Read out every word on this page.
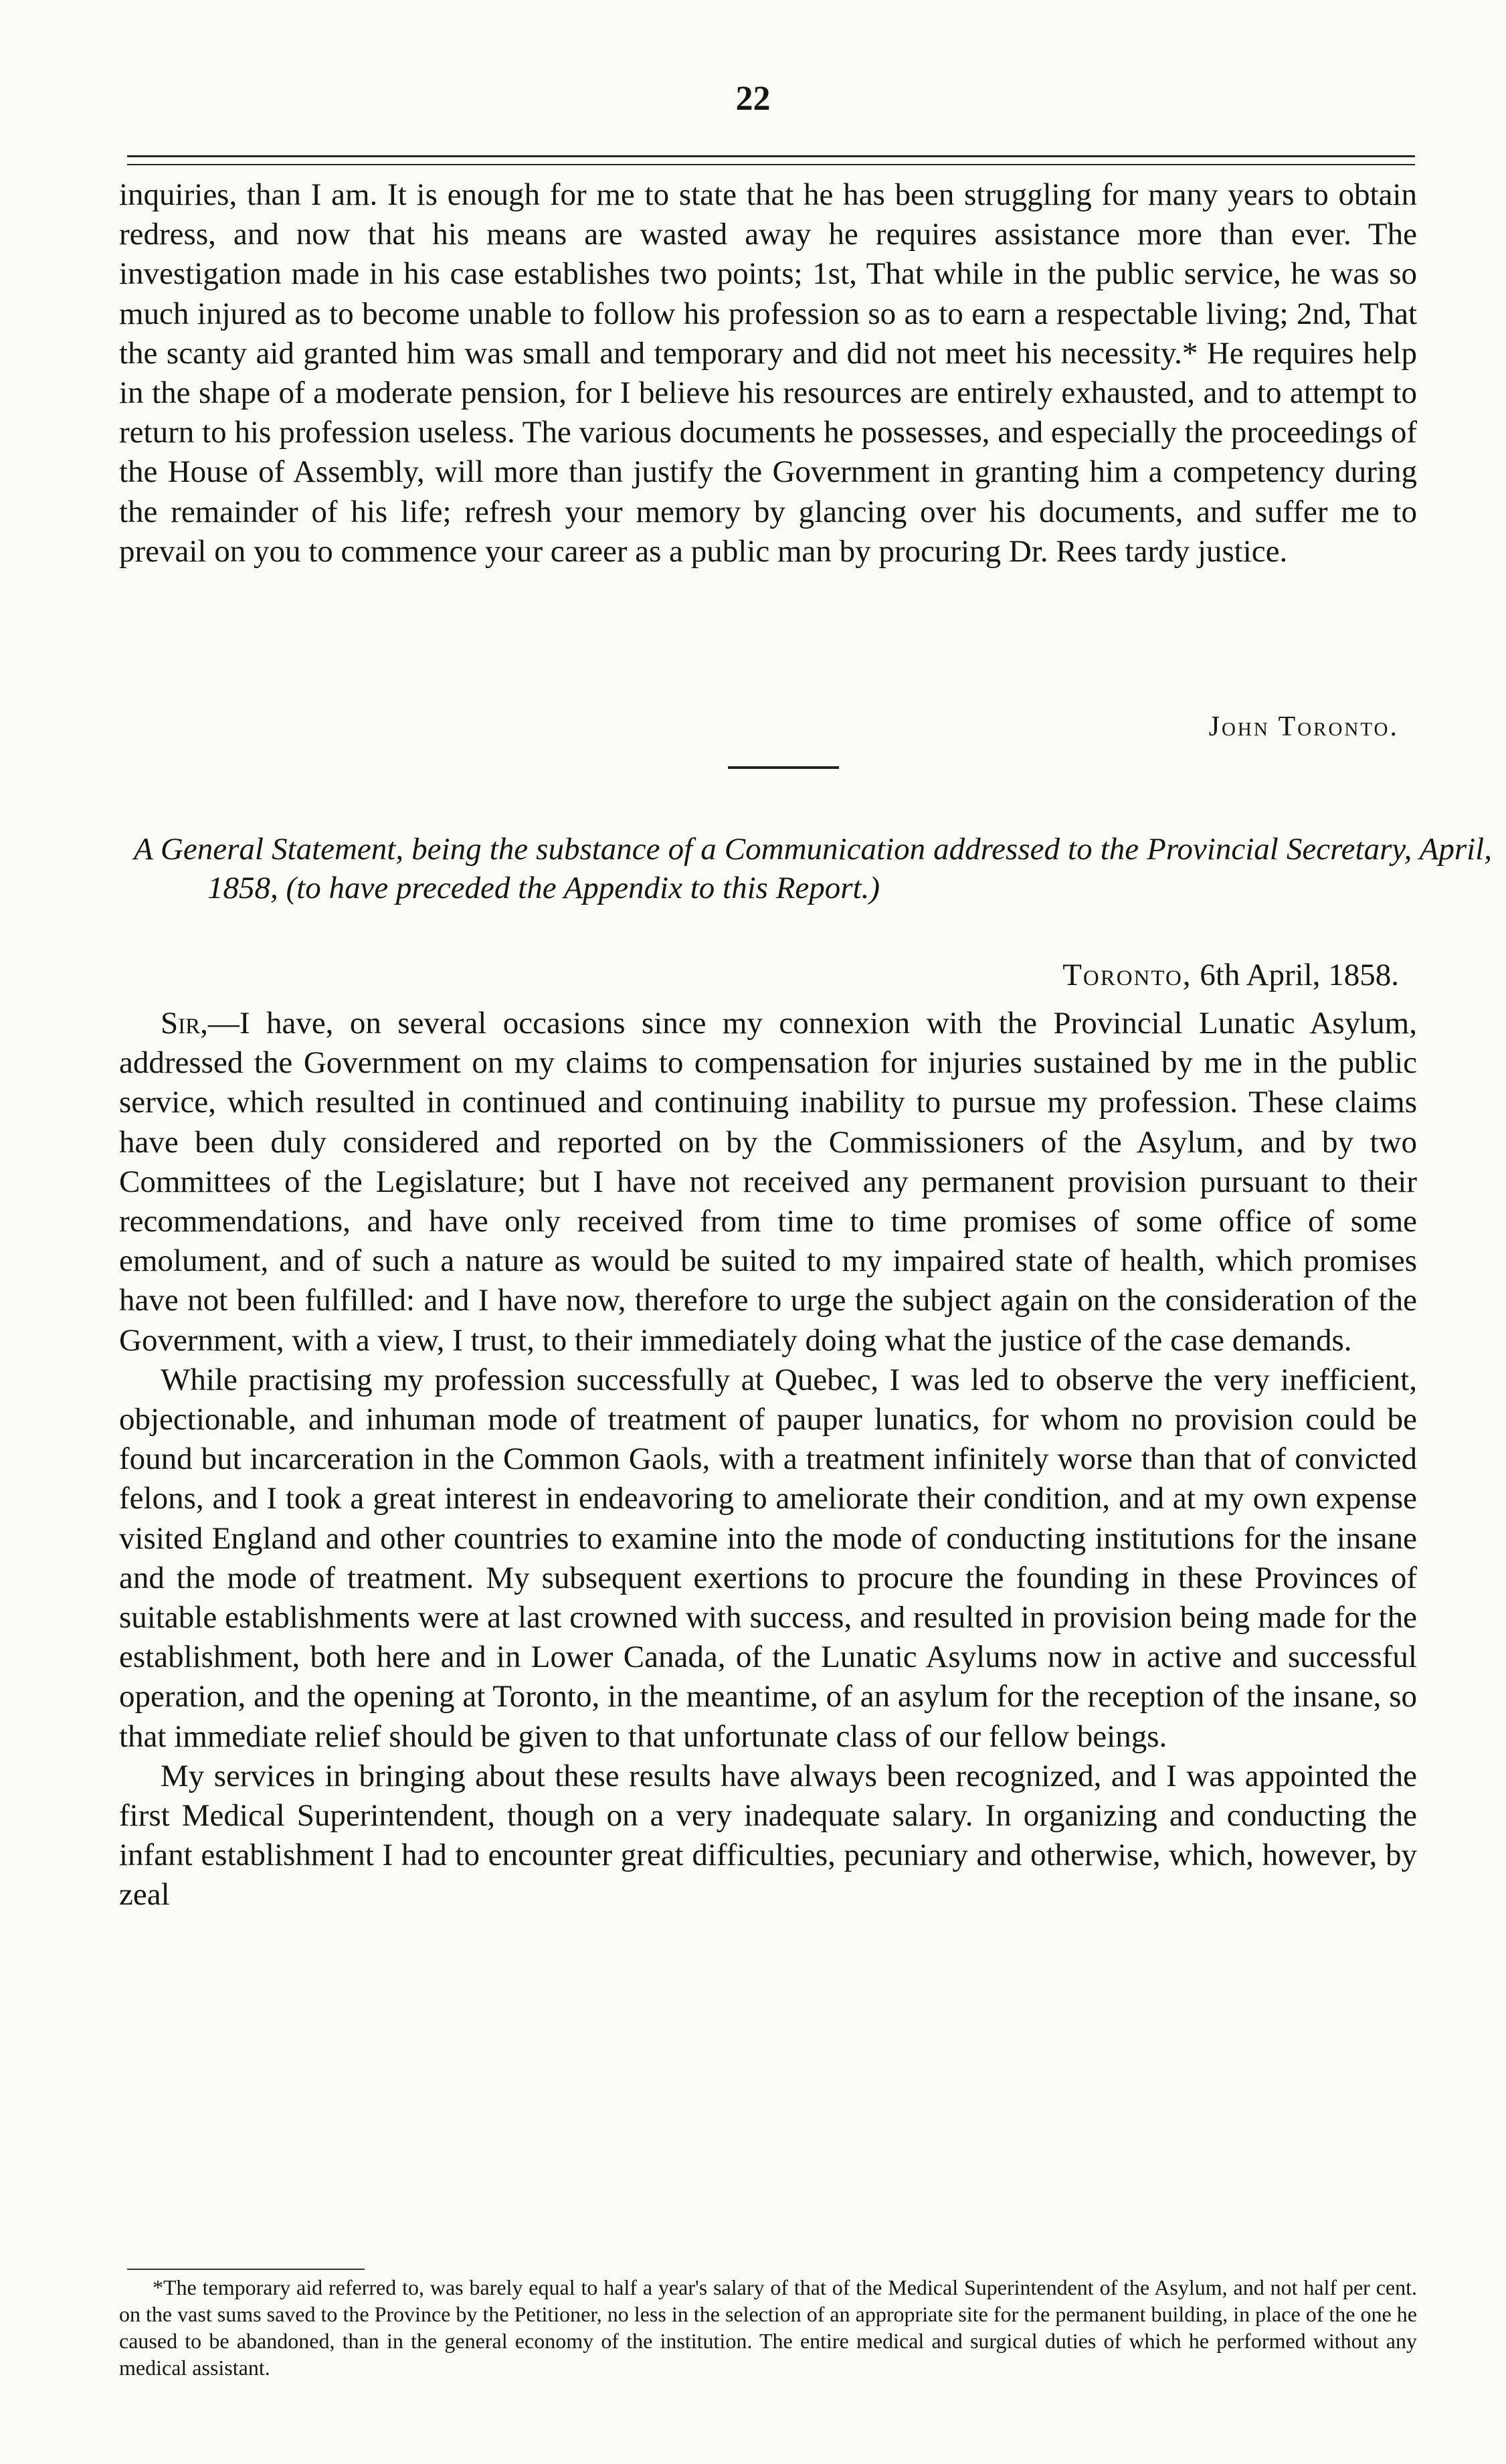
22

inquiries, than I am. It is enough for me to state that he has been struggling for many years to obtain redress, and now that his means are wasted away he requires assistance more than ever. The investigation made in his case establishes two points; 1st, That while in the public service, he was so much injured as to become unable to follow his profession so as to earn a respectable living; 2nd, That the scanty aid granted him was small and temporary and did not meet his necessity.* He requires help in the shape of a moderate pension, for I believe his resources are entirely exhausted, and to attempt to return to his profession useless. The various documents he possesses, and especially the proceedings of the House of Assembly, will more than justify the Government in granting him a competency during the remainder of his life; refresh your memory by glancing over his documents, and suffer me to prevail on you to commence your career as a public man by procuring Dr. Rees tardy justice.

John Toronto.
A General Statement, being the substance of a Communication addressed to the Provincial Secretary, April, 1858, (to have preceded the Appendix to this Report.)
Toronto, 6th April, 1858.

Sir,—I have, on several occasions since my connexion with the Provincial Lunatic Asylum, addressed the Government on my claims to compensation for injuries sustained by me in the public service, which resulted in continued and continuing inability to pursue my profession. These claims have been duly considered and reported on by the Commissioners of the Asylum, and by two Committees of the Legislature; but I have not received any permanent provision pursuant to their recommendations, and have only received from time to time promises of some office of some emolument, and of such a nature as would be suited to my impaired state of health, which promises have not been fulfilled: and I have now, therefore to urge the subject again on the consideration of the Government, with a view, I trust, to their immediately doing what the justice of the case demands.

While practising my profession successfully at Quebec, I was led to observe the very inefficient, objectionable, and inhuman mode of treatment of pauper lunatics, for whom no provision could be found but incarceration in the Common Gaols, with a treatment infinitely worse than that of convicted felons, and I took a great interest in endeavoring to ameliorate their condition, and at my own expense visited England and other countries to examine into the mode of conducting institutions for the insane and the mode of treatment. My subsequent exertions to procure the founding in these Provinces of suitable establishments were at last crowned with success, and resulted in provision being made for the establishment, both here and in Lower Canada, of the Lunatic Asylums now in active and successful operation, and the opening at Toronto, in the meantime, of an asylum for the reception of the insane, so that immediate relief should be given to that unfortunate class of our fellow beings.

My services in bringing about these results have always been recognized, and I was appointed the first Medical Superintendent, though on a very inadequate salary. In organizing and conducting the infant establishment I had to encounter great difficulties, pecuniary and otherwise, which, however, by zeal

*The temporary aid referred to, was barely equal to half a year's salary of that of the Medical Superintendent of the Asylum, and not half per cent. on the vast sums saved to the Province by the Petitioner, no less in the selection of an appropriate site for the permanent building, in place of the one he caused to be abandoned, than in the general economy of the institution. The entire medical and surgical duties of which he performed without any medical assistant.
